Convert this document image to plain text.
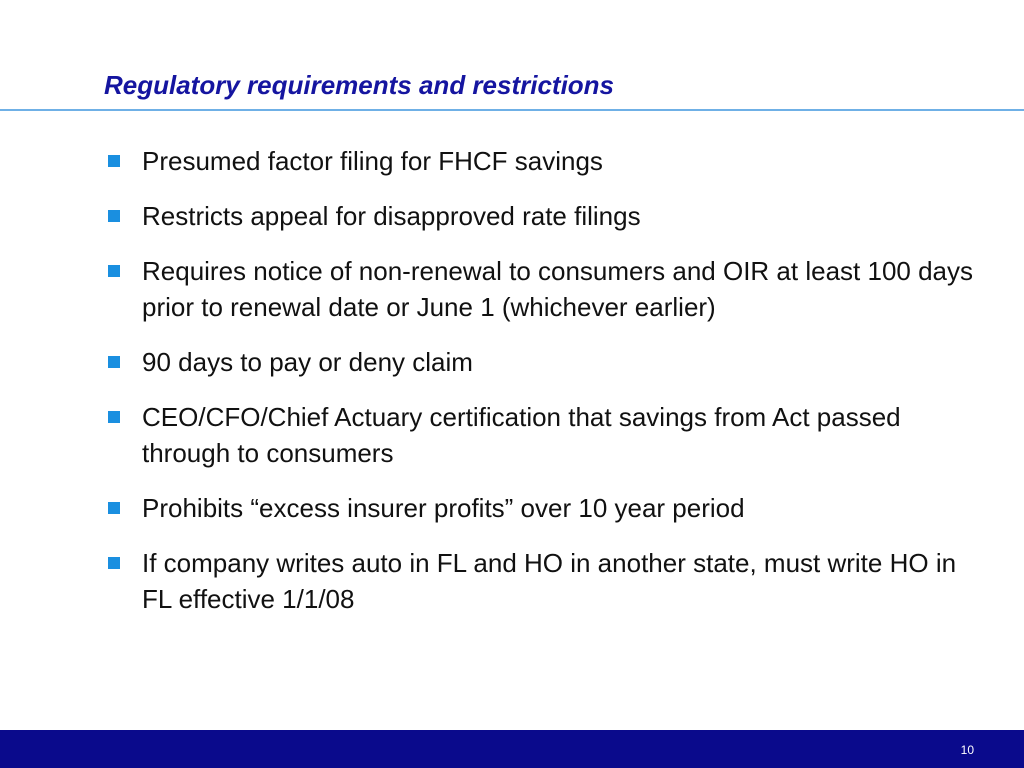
Regulatory requirements and restrictions
Presumed factor filing for FHCF savings
Restricts appeal for disapproved rate filings
Requires notice of non-renewal to consumers and OIR at least 100 days prior to renewal date or June 1 (whichever earlier)
90 days to pay or deny claim
CEO/CFO/Chief Actuary certification that savings from Act passed through to consumers
Prohibits “excess insurer profits” over 10 year period
If company writes auto in FL and HO in another state, must write HO in FL effective 1/1/08
10
